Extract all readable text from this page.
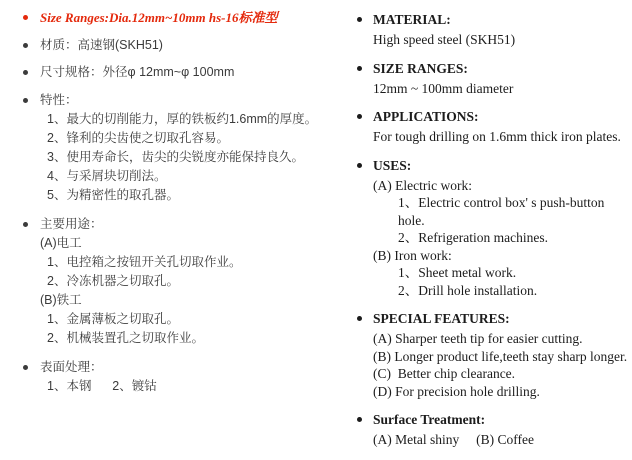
Size Ranges:Dia.12mm~10mm hs-16标准型
材质：高速钢(SKH51)
尺寸规格：外径φ 12mm~φ 100mm
特性：
1、最大的切削能力，厚的铁板约1.6mm的厚度。
2、锋利的尖齿使之切取孔容易。
3、使用寿命长，齿尖的尖锐度亦能保持良久。
4、与采屑块切削法。
5、为精密性的取孔器。
主要用途：
(A)电工
1、电控箱之按钮开关孔切取作业。
2、冷冻机器之切取孔。
(B)铁工
1、金属薄板之切取孔。
2、机械装置孔之切取作业。
表面处理：
1、本钢      2、镀钴
MATERIAL:
High speed steel (SKH51)
SIZE RANGES:
12mm ~ 100mm diameter
APPLICATIONS:
For tough drilling on 1.6mm thick iron plates.
USES:
(A) Electric work:
1、Electric control box' s push-button hole.
2、Refrigeration machines.
(B) Iron work:
1、Sheet metal work.
2、Drill hole installation.
SPECIAL FEATURES:
(A) Sharper teeth tip for easier cutting.
(B) Longer product life,teeth stay sharp longer.
(C)  Better chip clearance.
(D) For precision hole drilling.
Surface Treatment:
(A) Metal shiny     (B) Coffee
